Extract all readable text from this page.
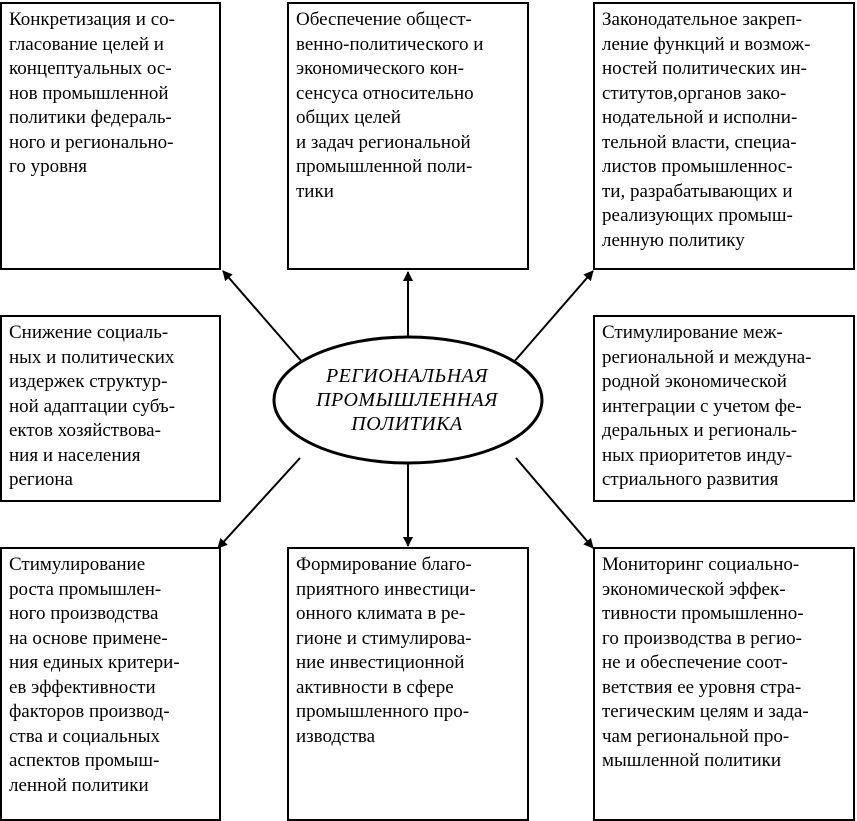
РЕГИОНАЛЬНАЯ
ПРОМЫШЛЕННАЯ
ПОЛИТИКА
Конкретизация и со-
гласование целей и
концептуальных ос-
нов промышленной
политики федераль-
ного и регионально-
го уровня
Обеспечение общест-
венно-политического и
экономического кон-
сенсуса относительно
общих целей
и задач региональной
промышленной поли-
тики
Законодательное закреп-
ление функций и возмож-
ностей политических ин-
ститутов,органов зако-
нодательной и исполни-
тельной власти, специа-
листов промышленнос-
ти, разрабатывающих и
реализующих промыш-
ленную политику
Снижение социаль-
ных и политических
издержек структур-
ной адаптации субъ-
ектов хозяйствова-
ния и населения
региона
Стимулирование меж-
региональной и междуна-
родной экономической
интеграции с учетом фе-
деральных и региональ-
ных приоритетов инду-
стриального развития
Стимулирование
роста промышлен-
ного производства
на основе примене-
ния единых критери-
ев эффективности
факторов производ-
ства и социальных
аспектов промыш-
ленной политики
Формирование благо-
приятного инвестици-
онного климата в ре-
гионе и стимулирова-
ние инвестиционной
активности в сфере
промышленного про-
изводства
Мониторинг социально-
экономической эффек-
тивности промышленно-
го производства в регио-
не и обеспечение соот-
ветствия ее уровня стра-
тегическим целям и зада-
чам региональной про-
мышленной политики
